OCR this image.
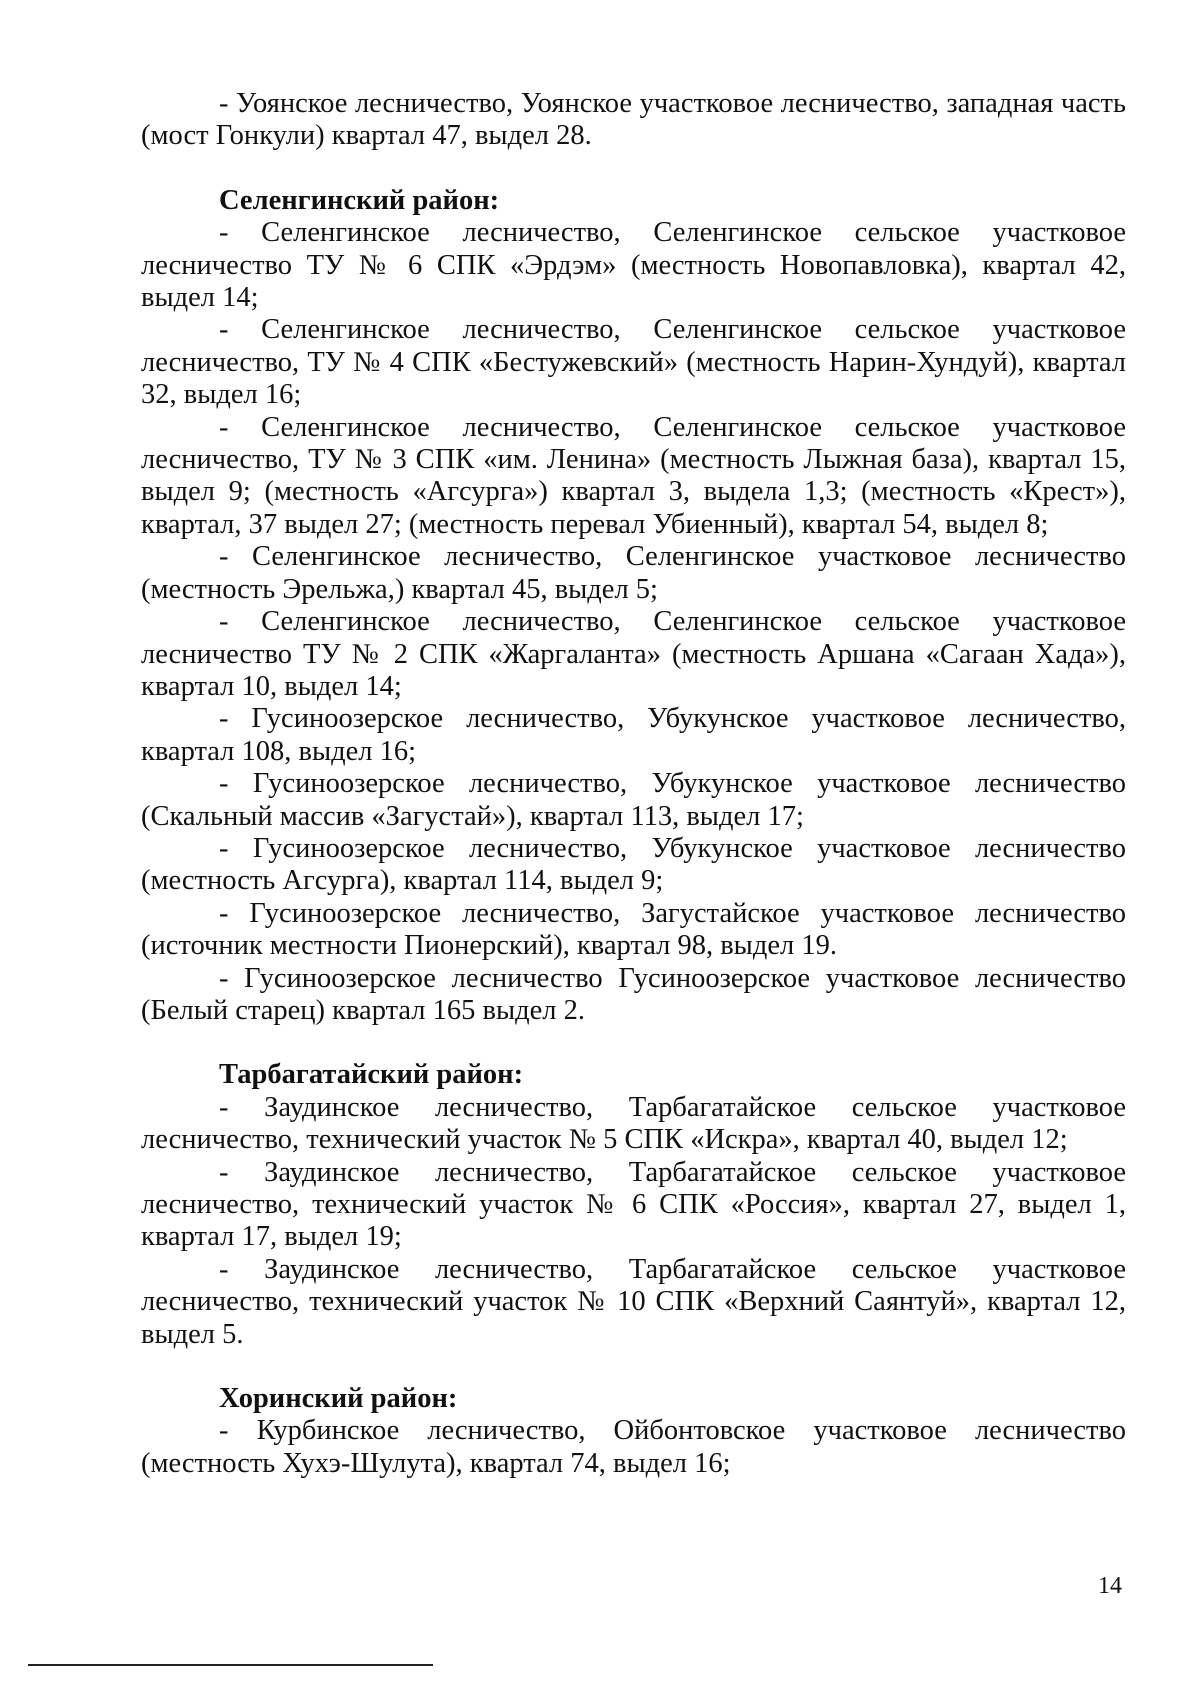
- Уоянское лесничество, Уоянское участковое лесничество, западная часть (мост Гонкули) квартал 47, выдел 28.

Селенгинский район:

- Селенгинское лесничество, Селенгинское сельское участковое лесничество ТУ № 6 СПК «Эрдэм» (местность Новопавловка), квартал 42, выдел 14;

- Селенгинское лесничество, Селенгинское сельское участковое лесничество, ТУ № 4 СПК «Бестужевский» (местность Нарин-Хундуй), квартал 32, выдел 16;

- Селенгинское лесничество, Селенгинское сельское участковое лесничество, ТУ № 3 СПК «им. Ленина» (местность Лыжная база), квартал 15, выдел 9; (местность «Агсурга») квартал 3, выдела 1,3; (местность «Крест»), квартал, 37 выдел 27; (местность перевал Убиенный), квартал 54, выдел 8;

- Селенгинское лесничество, Селенгинское участковое лесничество (местность Эрельжа,) квартал 45, выдел 5;

- Селенгинское лесничество, Селенгинское сельское участковое лесничество ТУ № 2 СПК «Жаргаланта» (местность Аршана «Сагаан Хада»), квартал 10, выдел 14;

- Гусиноозерское лесничество, Убукунское участковое лесничество, квартал 108, выдел 16;

- Гусиноозерское лесничество, Убукунское участковое лесничество (Скальный массив «Загустай»), квартал 113, выдел 17;

- Гусиноозерское лесничество, Убукунское участковое лесничество (местность Агсурга), квартал 114, выдел 9;

- Гусиноозерское лесничество, Загустайское участковое лесничество (источник местности Пионерский), квартал 98, выдел 19.

- Гусиноозерское лесничество Гусиноозерское участковое лесничество (Белый старец) квартал 165 выдел 2.

Тарбагатайский район:

- Заудинское лесничество, Тарбагатайское сельское участковое лесничество, технический участок № 5 СПК «Искра», квартал 40, выдел 12;

- Заудинское лесничество, Тарбагатайское сельское участковое лесничество, технический участок № 6 СПК «Россия», квартал 27, выдел 1, квартал 17, выдел 19;

- Заудинское лесничество, Тарбагатайское сельское участковое лесничество, технический участок № 10 СПК «Верхний Саянтуй», квартал 12, выдел 5.

Хоринский район:

- Курбинское лесничество, Ойбонтовское участковое лесничество (местность Хухэ-Шулута), квартал 74, выдел 16;

14
